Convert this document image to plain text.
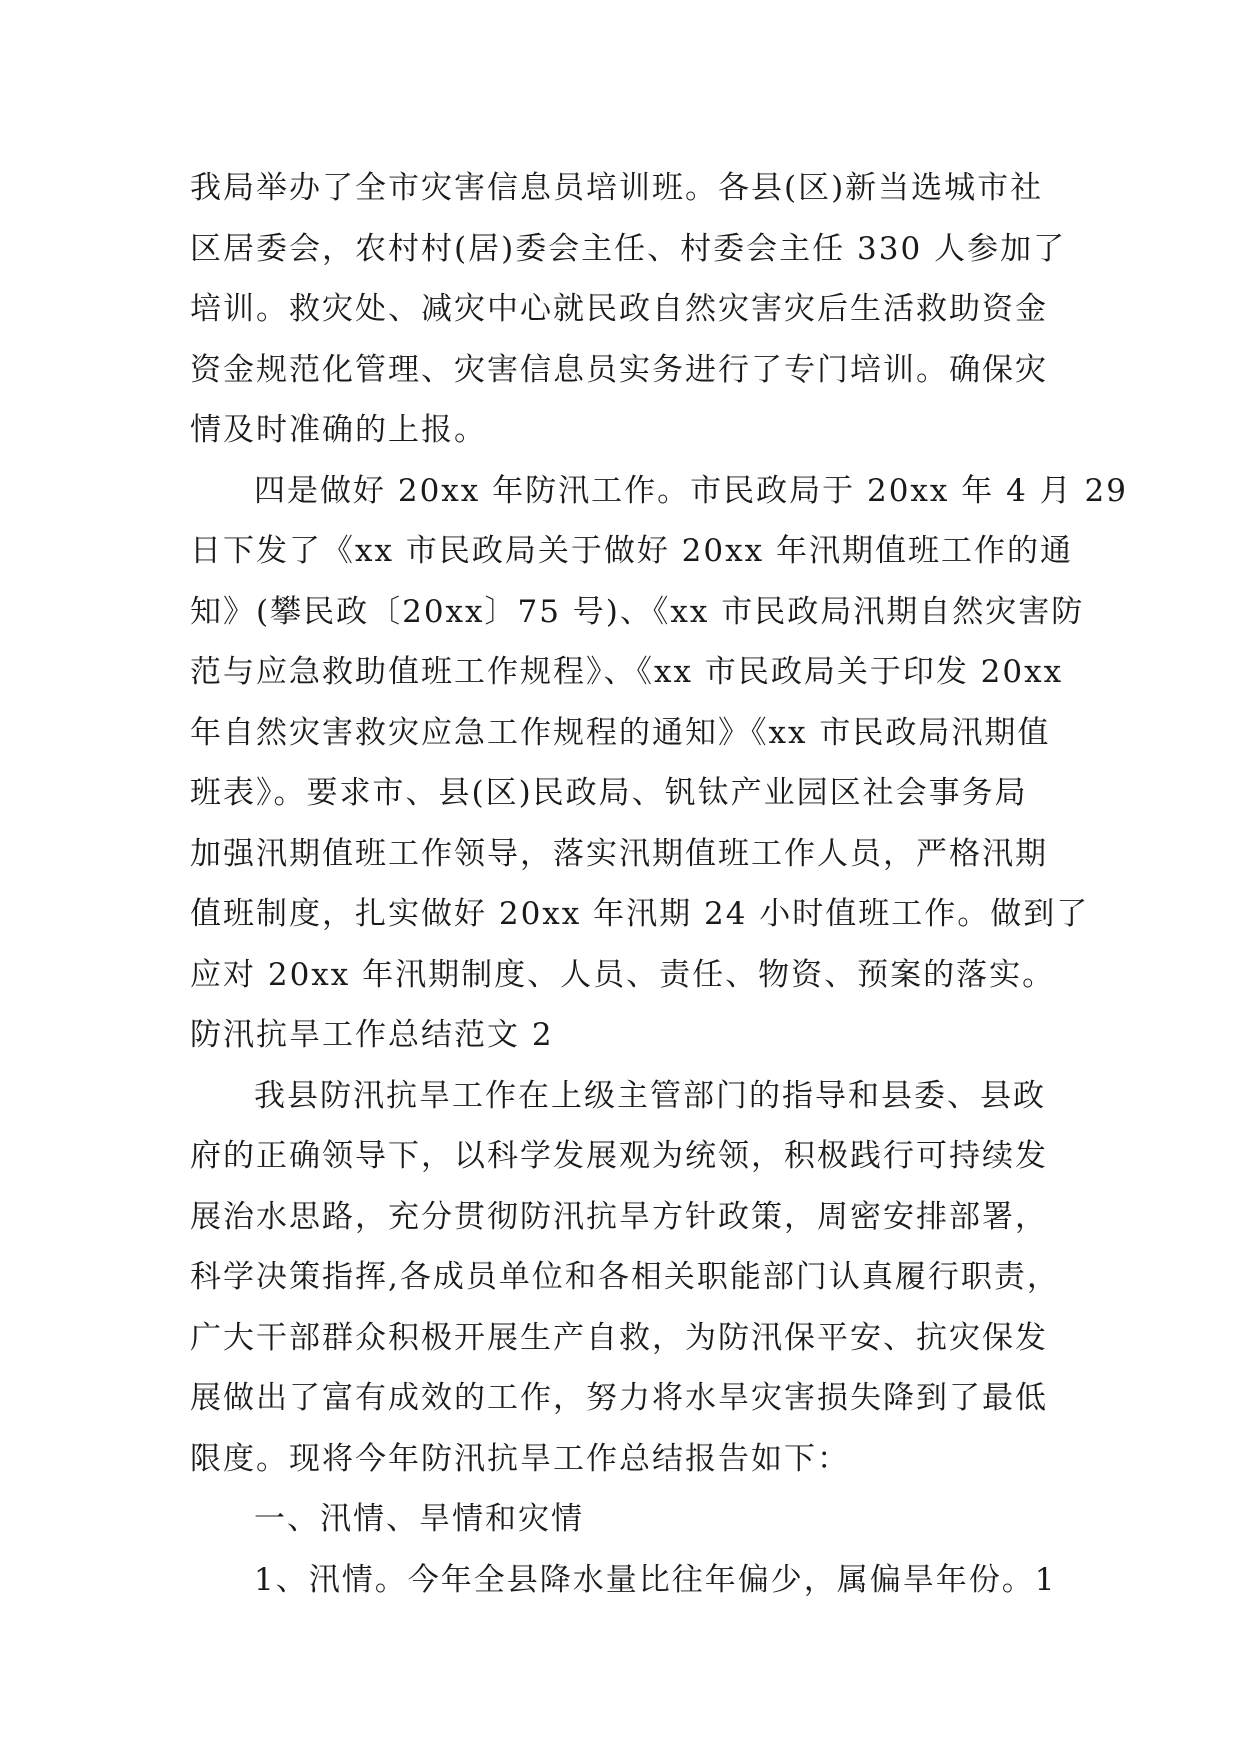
我局举办了全市灾害信息员培训班。各县(区)新当选城市社
区居委会，农村村(居)委会主任、村委会主任 330 人参加了
培训。救灾处、减灾中心就民政自然灾害灾后生活救助资金
资金规范化管理、灾害信息员实务进行了专门培训。确保灾
情及时准确的上报。
四是做好 20xx 年防汛工作。市民政局于 20xx 年 4 月 29
日下发了《xx 市民政局关于做好 20xx 年汛期值班工作的通
知》(攀民政〔20xx〕75 号)、《xx 市民政局汛期自然灾害防
范与应急救助值班工作规程》、《xx 市民政局关于印发 20xx
年自然灾害救灾应急工作规程的通知》《xx 市民政局汛期值
班表》。要求市、县(区)民政局、钒钛产业园区社会事务局
加强汛期值班工作领导，落实汛期值班工作人员，严格汛期
值班制度，扎实做好 20xx 年汛期 24 小时值班工作。做到了
应对 20xx 年汛期制度、人员、责任、物资、预案的落实。
防汛抗旱工作总结范文 2
我县防汛抗旱工作在上级主管部门的指导和县委、县政
府的正确领导下，以科学发展观为统领，积极践行可持续发
展治水思路，充分贯彻防汛抗旱方针政策，周密安排部署，
科学决策指挥,各成员单位和各相关职能部门认真履行职责，
广大干部群众积极开展生产自救，为防汛保平安、抗灾保发
展做出了富有成效的工作，努力将水旱灾害损失降到了最低
限度。现将今年防汛抗旱工作总结报告如下：
一、汛情、旱情和灾情
1、汛情。今年全县降水量比往年偏少，属偏旱年份。1
